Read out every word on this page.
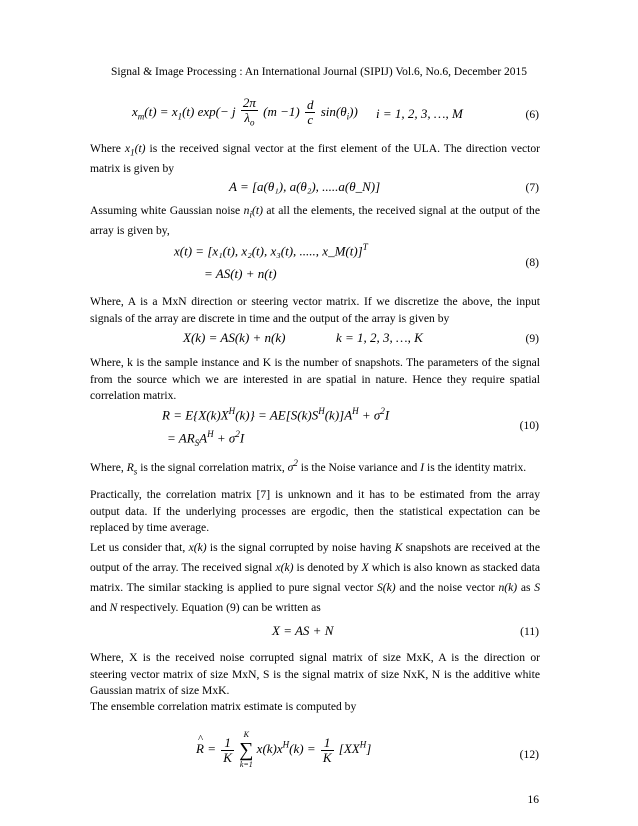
Signal & Image Processing : An International Journal (SIPIJ) Vol.6, No.6, December 2015
$x_m(t) = x_1(t)$ exp(− j $\frac{2\pi}{\lambda_o} (m -1) \frac{d}{c} \sin(\theta_i)$) i = 1, 2, 3, …, M	(6)

Where $x_1(t)$ is the received signal vector at the first element of the ULA. The direction vector matrix is given by

A = [a(θ₁), a(θ₂), .....a(θ_N)]	(7)

Assuming white Gaussian noise $n_i(t)$ at all the elements, the received signal at the output of the array is given by,

x(t) = [x₁(t), x₂(t), x₃(t), ....., x_M(t)]$^T$
= AS(t) + n(t)
(8)

Where, A is a MxN direction or steering vector matrix. If we discretize the above, the input signals of the array are discrete in time and the output of the array is given by

X(k) = AS(k) + n(k)	k = 1, 2, 3, …, K	(9)

Where, k is the sample instance and K is the number of snapshots. The parameters of the signal from the source which we are interested in are spatial in nature. Hence they require spatial correlation matrix.

$R = E\{X(k)X^H(k)\} = AE[S(k)S^H(k)]A^H + \sigma^2I$
= $AR_SA^H + \sigma^2I$
(10)

Where, $R_s$ is the signal correlation matrix, $\sigma^2$ is the Noise variance and I is the identity matrix.

Practically, the correlation matrix [7] is unknown and it has to be estimated from the array output data. If the underlying processes are ergodic, then the statistical expectation can be replaced by time average.

Let us consider that, x(k) is the signal corrupted by noise having K snapshots are received at the output of the array. The received signal x(k) is denoted by X which is also known as stacked data matrix. The similar stacking is applied to pure signal vector S(k) and the noise vector n(k) as S and N respectively. Equation (9) can be written as

X = AS + N	(11)

Where, X is the received noise corrupted signal matrix of size MxK, A is the direction or steering vector matrix of size MxN, S is the signal matrix of size NxK, N is the additive white Gaussian matrix of size MxK.

The ensemble correlation matrix estimate is computed by

^ $R = \frac{1}{K}$

K
∑
k=1
$x(k)x^H(k) = \frac{1}{K} [XX^H]$	(12)
16
